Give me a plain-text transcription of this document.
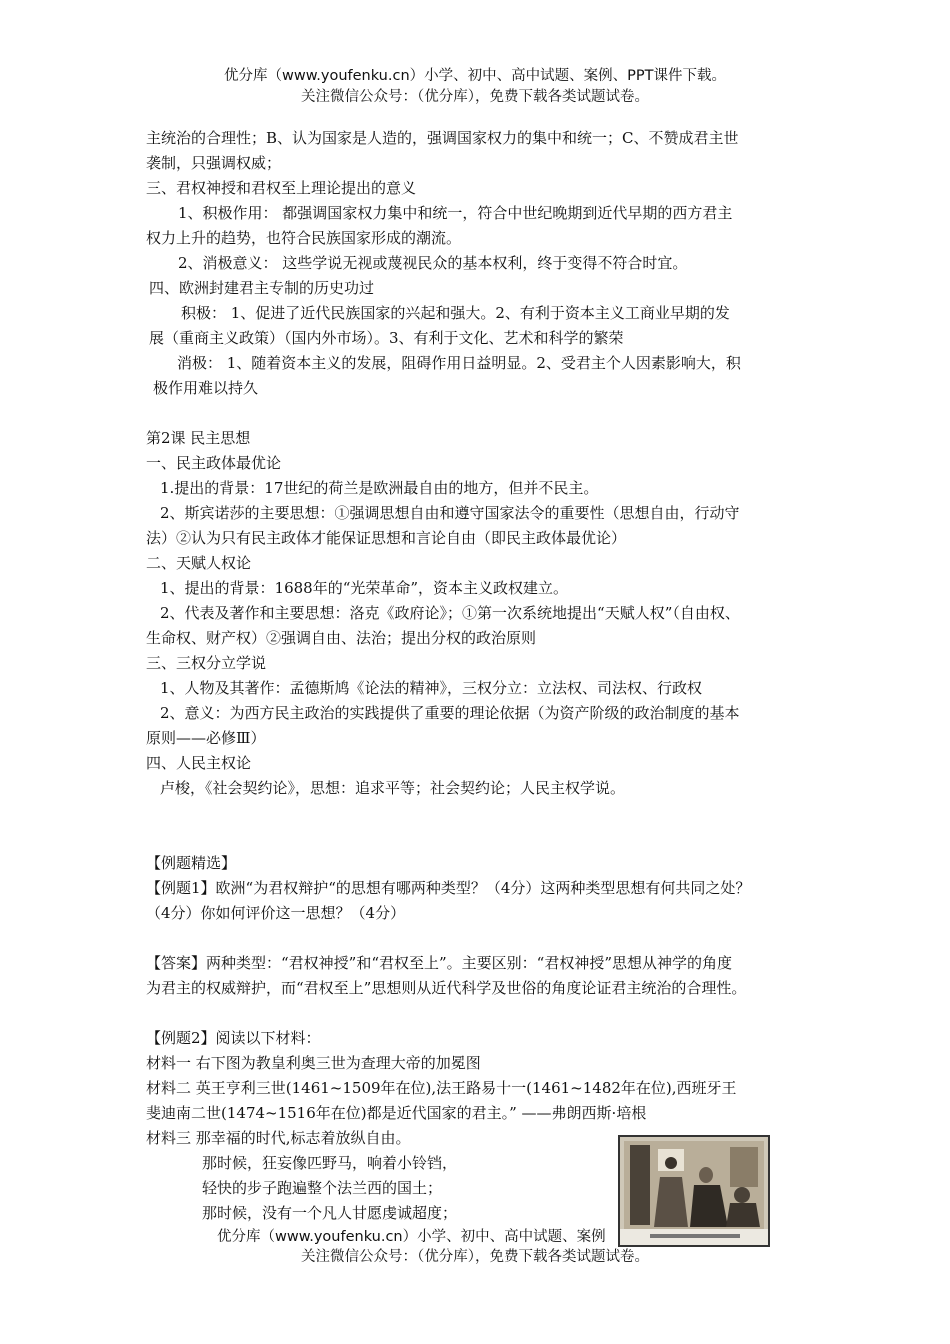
优分库（www.youfenku.cn）小学、初中、高中试题、案例、PPT课件下载。
关注微信公众号：（优分库），免费下载各类试题试卷。
主统治的合理性；B、认为国家是人造的，强调国家权力的集中和统一；C、不赞成君主世
袭制，只强调权威；
三、君权神授和君权至上理论提出的意义
1、积极作用： 都强调国家权力集中和统一，符合中世纪晚期到近代早期的西方君主
权力上升的趋势，也符合民族国家形成的潮流。
2、消极意义： 这些学说无视或蔑视民众的基本权利，终于变得不符合时宜。
四、欧洲封建君主专制的历史功过
积极： 1、促进了近代民族国家的兴起和强大。2、有利于资本主义工商业早期的发
展（重商主义政策）（国内外市场）。3、有利于文化、艺术和科学的繁荣
消极： 1、随着资本主义的发展，阻碍作用日益明显。2、受君主个人因素影响大，积
极作用难以持久
第2课 民主思想
一、民主政体最优论
1.提出的背景：17世纪的荷兰是欧洲最自由的地方，但并不民主。
2、斯宾诺莎的主要思想：①强调思想自由和遵守国家法令的重要性（思想自由，行动守
法）②认为只有民主政体才能保证思想和言论自由（即民主政体最优论）
二、天赋人权论
1、提出的背景：1688年的“光荣革命”，资本主义政权建立。
2、代表及著作和主要思想：洛克《政府论》；①第一次系统地提出“天赋人权”（自由权、
生命权、财产权）②强调自由、法治；提出分权的政治原则
三、三权分立学说
1、人物及其著作：孟德斯鸠《论法的精神》，三权分立：立法权、司法权、行政权
2、意义：为西方民主政治的实践提供了重要的理论依据（为资产阶级的政治制度的基本
原则——必修Ⅲ）
四、人民主权论
卢梭，《社会契约论》，思想：追求平等；社会契约论；人民主权学说。
【例题精选】
【例题1】欧洲“为君权辩护“的思想有哪两种类型？（4分）这两种类型思想有何共同之处？
（4分）你如何评价这一思想？（4分）
【答案】两种类型：“君权神授”和“君权至上”。主要区别：“君权神授”思想从神学的角度
为君主的权威辩护，而“君权至上”思想则从近代科学及世俗的角度论证君主统治的合理性。
【例题2】阅读以下材料：
材料一 右下图为教皇利奥三世为查理大帝的加冕图
材料二 英王亨利三世(1461~1509年在位),法王路易十一(1461~1482年在位),西班牙王
斐迪南二世(1474~1516年在位)都是近代国家的君主。” ——弗朗西斯·培根
材料三 那幸福的时代,标志着放纵自由。
那时候，狂妄像匹野马，响着小铃铛，
轻快的步子跑遍整个法兰西的国土；
那时候，没有一个凡人甘愿虔诚超度；
优分库（www.youfenku.cn）小学、初中、高中试题、案例
关注微信公众号：（优分库），免费下载各类试题试卷。
